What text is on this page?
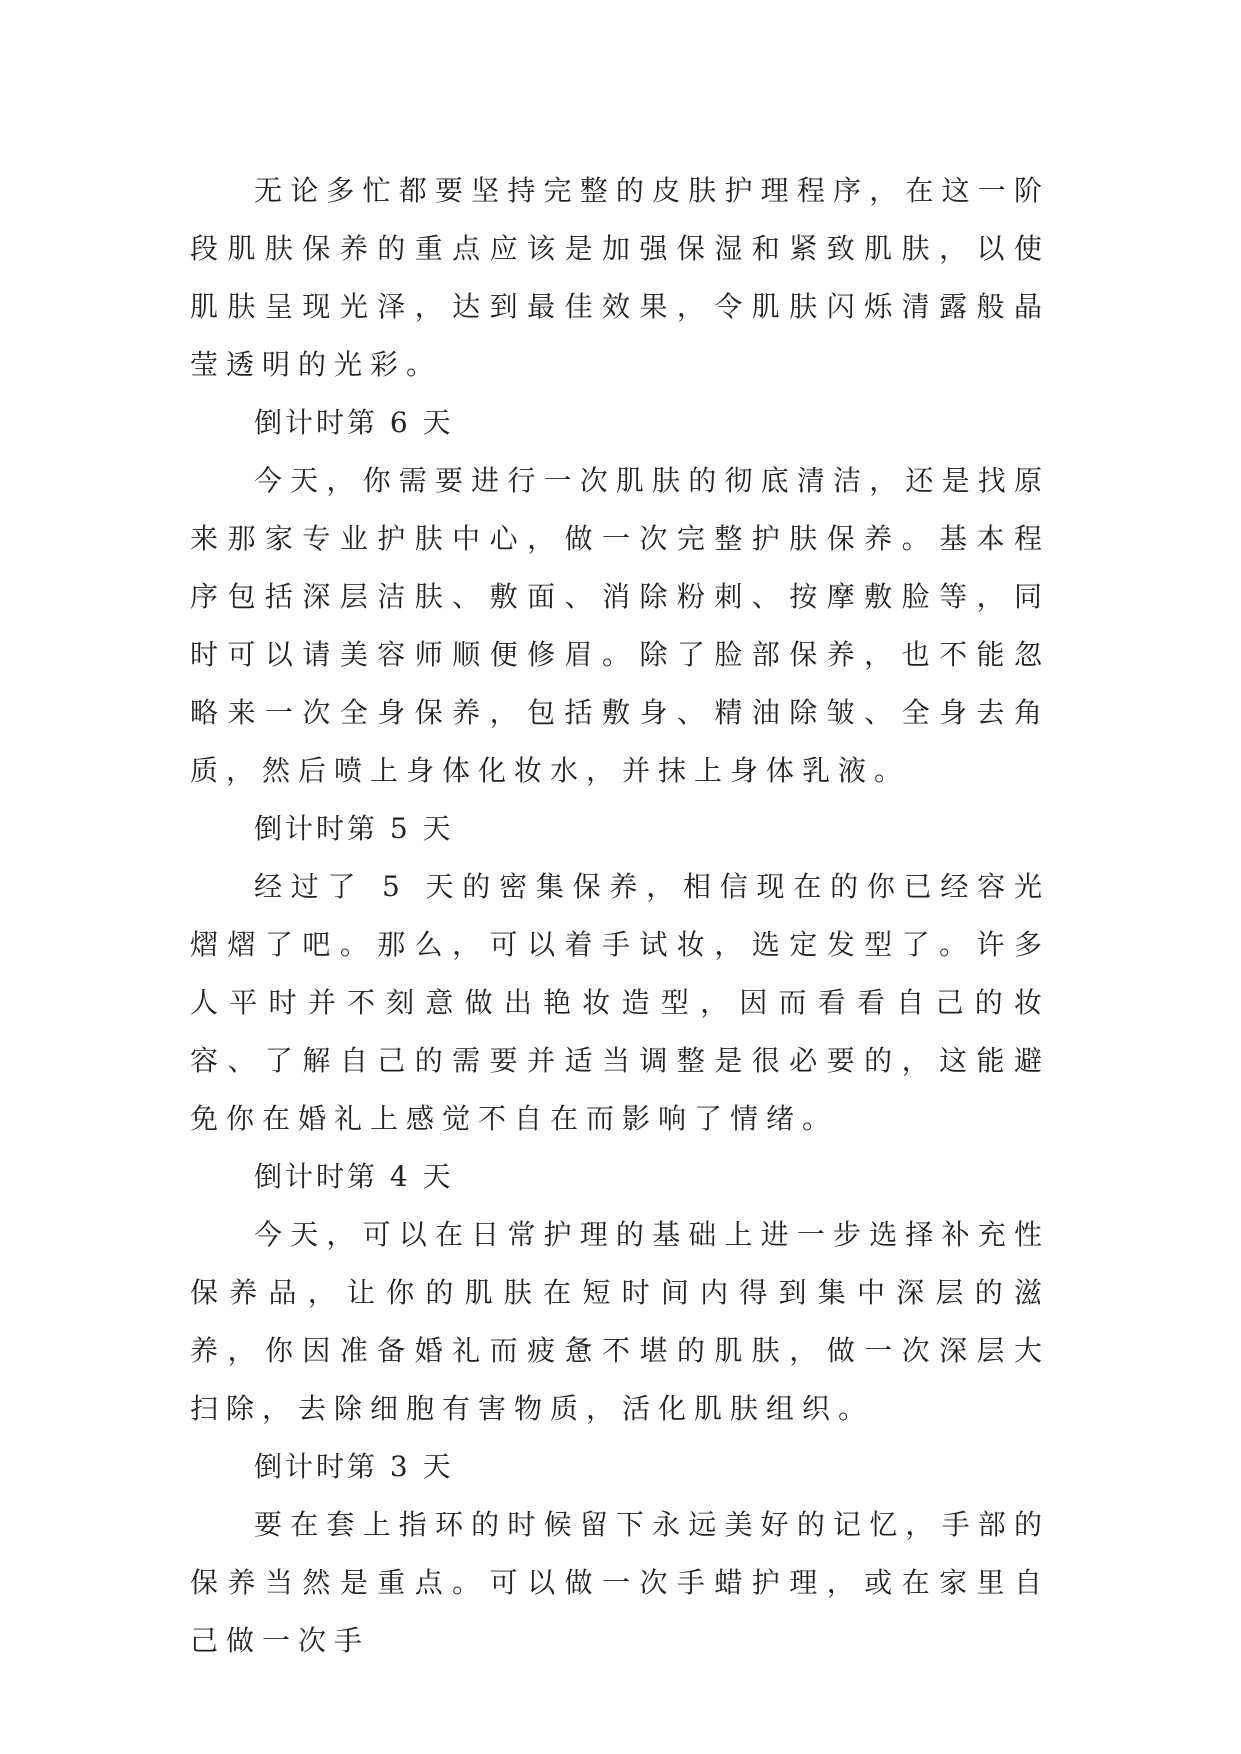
无论多忙都要坚持完整的皮肤护理程序，在这一阶段肌肤保养的重点应该是加强保湿和紧致肌肤，以使肌肤呈现光泽，达到最佳效果，令肌肤闪烁清露般晶莹透明的光彩。

倒计时第 6 天

今天，你需要进行一次肌肤的彻底清洁，还是找原来那家专业护肤中心，做一次完整护肤保养。基本程序包括深层洁肤、敷面、消除粉刺、按摩敷脸等，同时可以请美容师顺便修眉。除了脸部保养，也不能忽略来一次全身保养，包括敷身、精油除皱、全身去角质，然后喷上身体化妆水，并抹上身体乳液。

倒计时第 5 天

经过了 5 天的密集保养，相信现在的你已经容光熠熠了吧。那么，可以着手试妆，选定发型了。许多人平时并不刻意做出艳妆造型，因而看看自己的妆容、了解自己的需要并适当调整是很必要的，这能避免你在婚礼上感觉不自在而影响了情绪。

倒计时第 4 天

今天，可以在日常护理的基础上进一步选择补充性保养品，让你的肌肤在短时间内得到集中深层的滋养，你因准备婚礼而疲惫不堪的肌肤，做一次深层大扫除，去除细胞有害物质，活化肌肤组织。

倒计时第 3 天

要在套上指环的时候留下永远美好的记忆，手部的保养当然是重点。可以做一次手蜡护理，或在家里自己做一次手
